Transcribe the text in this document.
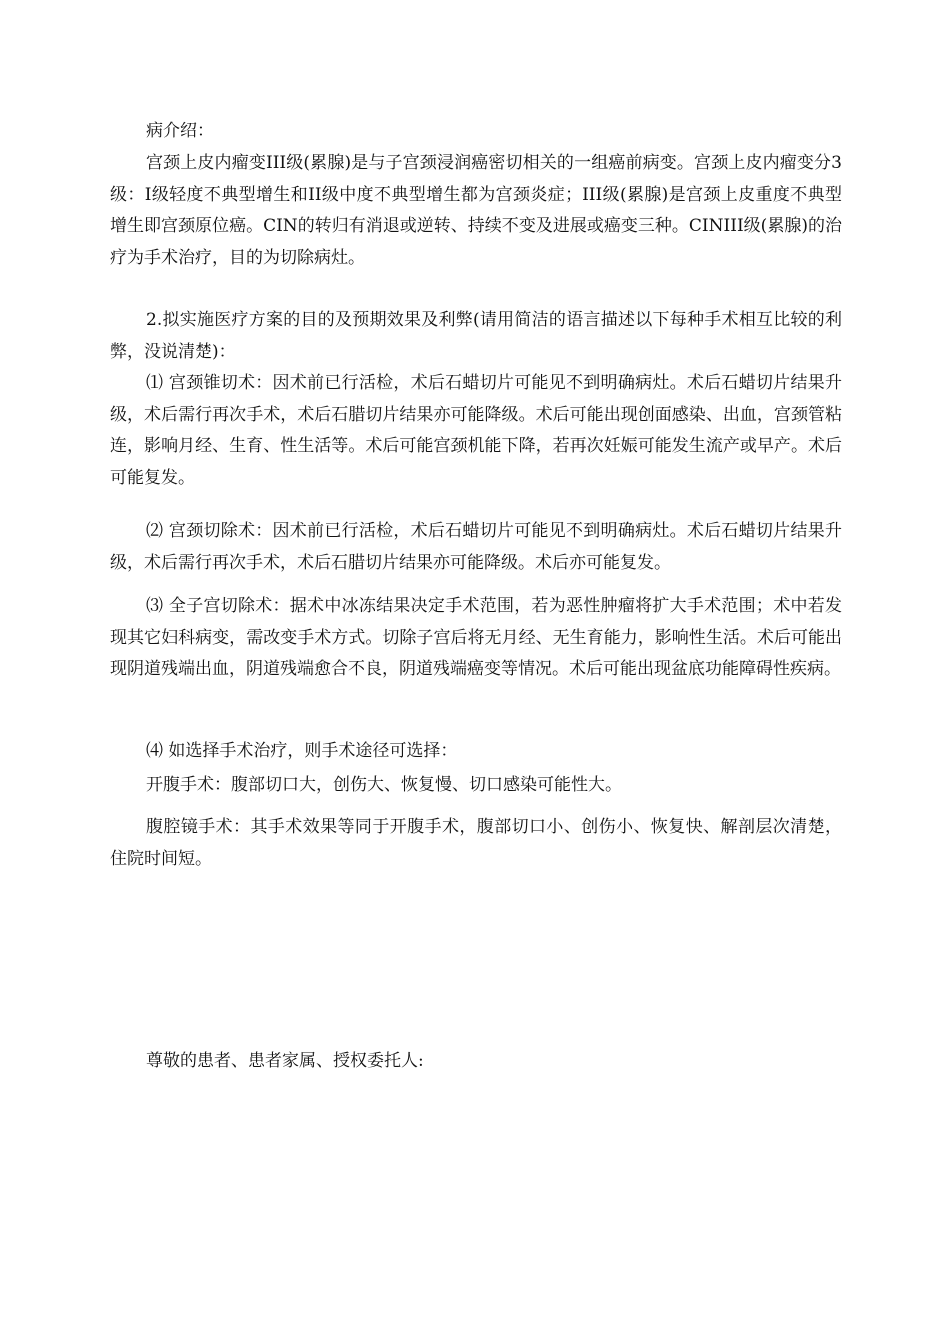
病介绍：

宫颈上皮内瘤变III级(累腺)是与子宫颈浸润癌密切相关的一组癌前病变。宫颈上皮内瘤变分3级：I级轻度不典型增生和II级中度不典型增生都为宫颈炎症；III级(累腺)是宫颈上皮重度不典型增生即宫颈原位癌。CIN的转归有消退或逆转、持续不变及进展或癌变三种。CINIII级(累腺)的治疗为手术治疗，目的为切除病灶。

2.拟实施医疗方案的目的及预期效果及利弊(请用简洁的语言描述以下每种手术相互比较的利弊，没说清楚)：

⑴ 宫颈锥切术：因术前已行活检，术后石蜡切片可能见不到明确病灶。术后石蜡切片结果升级，术后需行再次手术，术后石腊切片结果亦可能降级。术后可能出现创面感染、出血，宫颈管粘连，影响月经、生育、性生活等。术后可能宫颈机能下降，若再次妊娠可能发生流产或早产。术后可能复发。

⑵ 宫颈切除术：因术前已行活检，术后石蜡切片可能见不到明确病灶。术后石蜡切片结果升级，术后需行再次手术，术后石腊切片结果亦可能降级。术后亦可能复发。

⑶ 全子宫切除术：据术中冰冻结果决定手术范围，若为恶性肿瘤将扩大手术范围；术中若发现其它妇科病变，需改变手术方式。切除子宫后将无月经、无生育能力，影响性生活。术后可能出现阴道残端出血，阴道残端愈合不良，阴道残端癌变等情况。术后可能出现盆底功能障碍性疾病。

⑷ 如选择手术治疗，则手术途径可选择：

开腹手术：腹部切口大，创伤大、恢复慢、切口感染可能性大。

腹腔镜手术：其手术效果等同于开腹手术，腹部切口小、创伤小、恢复快、解剖层次清楚，住院时间短。

尊敬的患者、患者家属、授权委托人:
